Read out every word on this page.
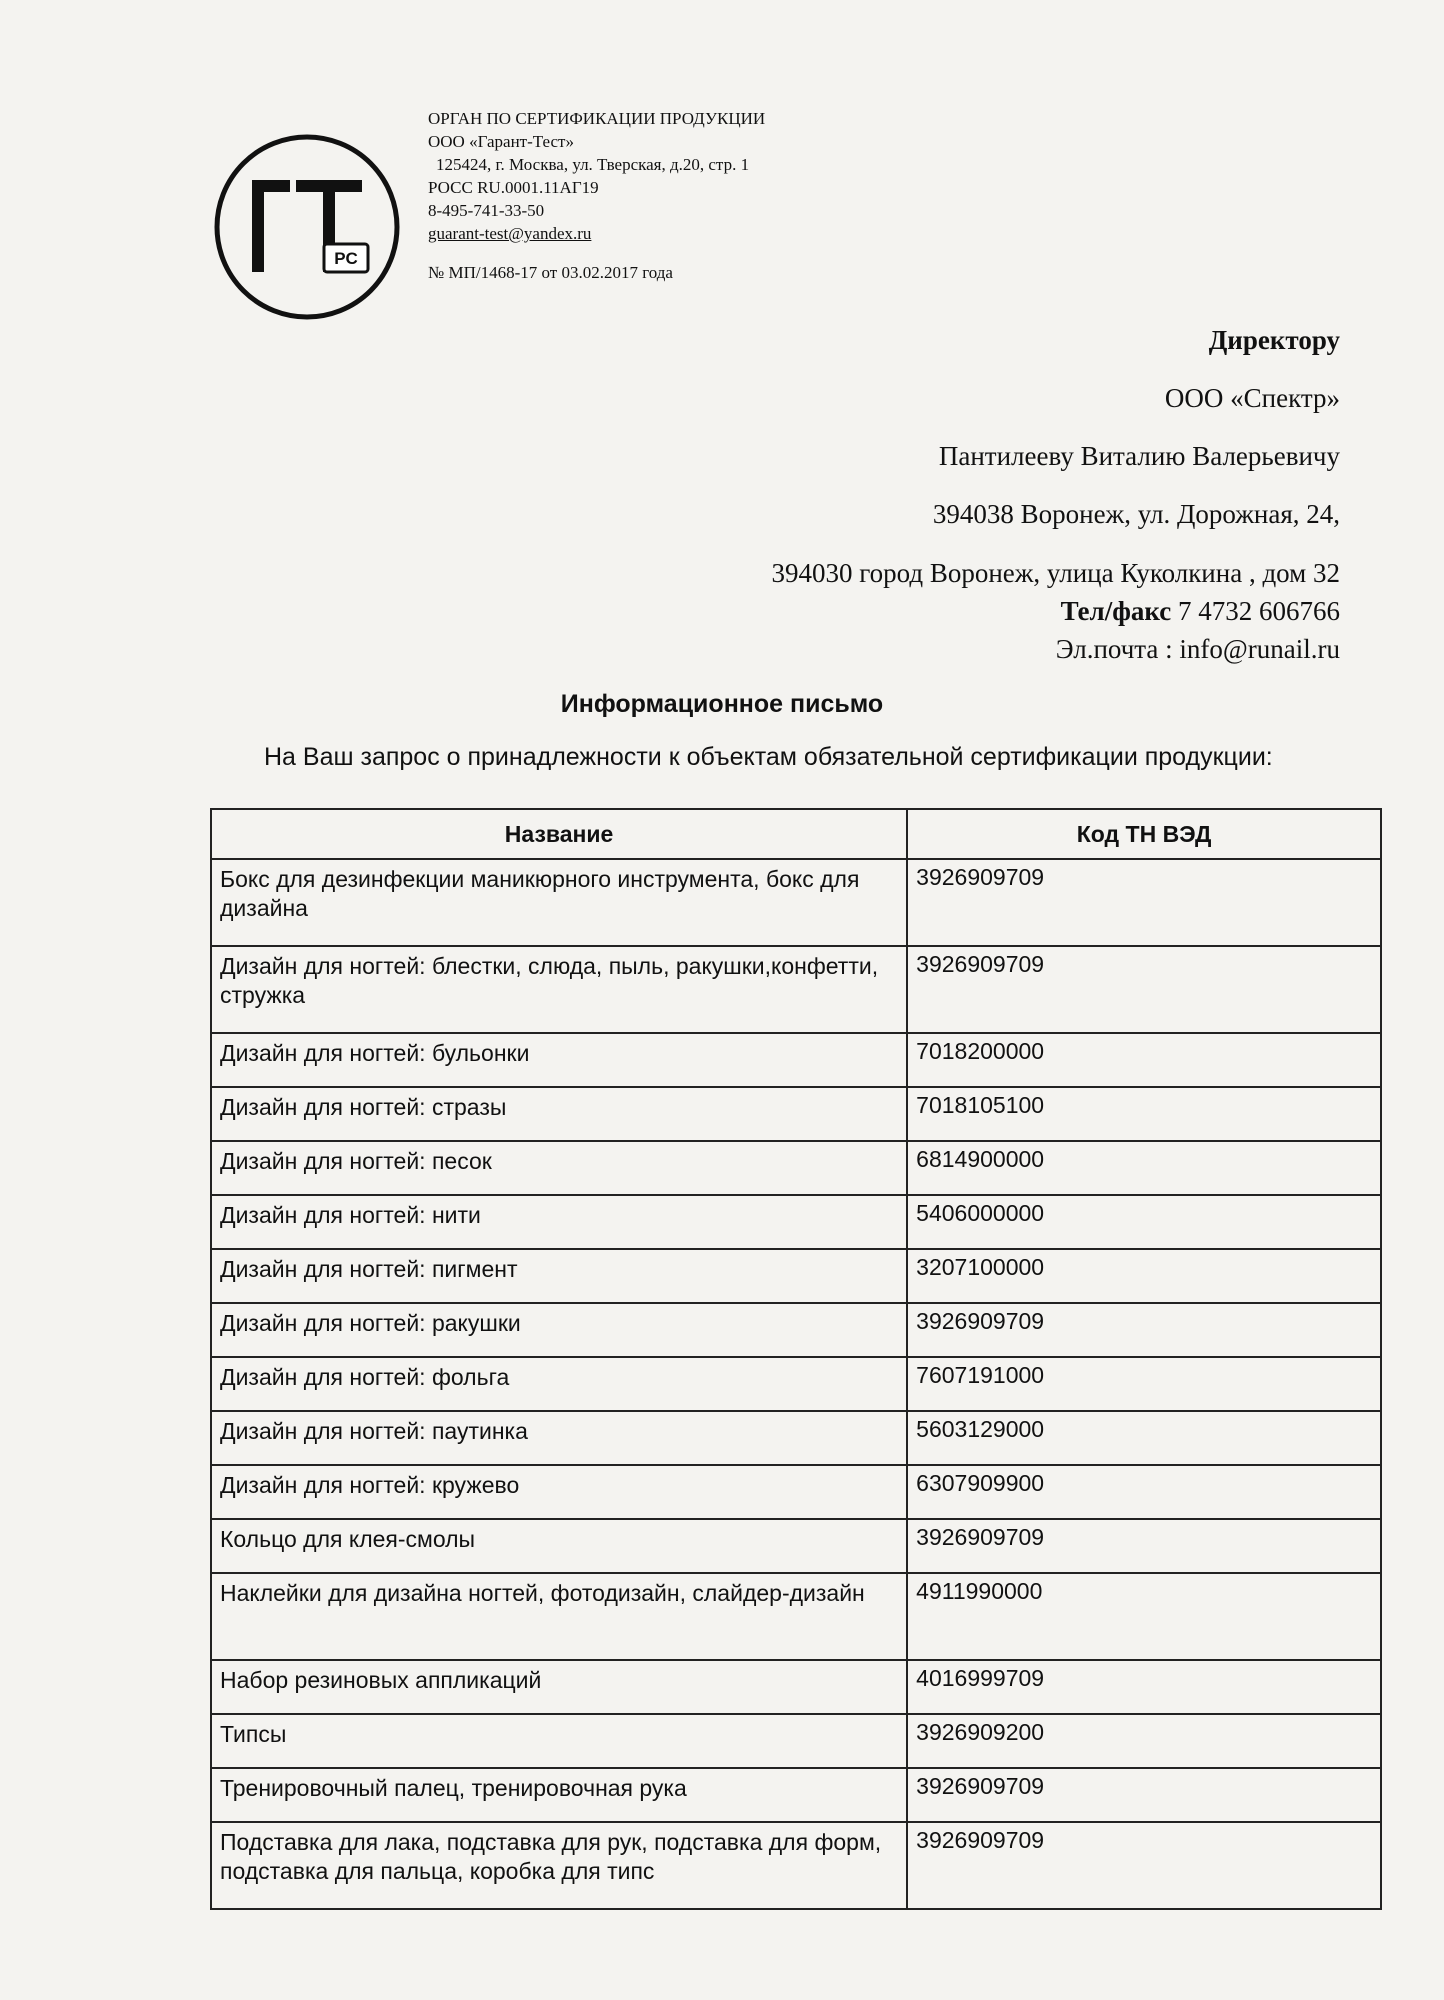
PC
ОРГАН ПО СЕРТИФИКАЦИИ ПРОДУКЦИИ
ООО «Гарант-Тест»
125424, г. Москва, ул. Тверская, д.20, стр. 1
РОСС RU.0001.11АГ19
8-495-741-33-50
guarant-test@yandex.ru
№ МП/1468-17 от 03.02.2017 года
Директору
ООО «Спектр»
Пантилееву Виталию Валерьевичу
394038 Воронеж, ул. Дорожная, 24,
394030 город Воронеж, улица Куколкина , дом 32
Тел/факс 7 4732 606766
Эл.почта : info@runail.ru
Информационное письмо
На Ваш запрос о принадлежности к объектам обязательной сертификации продукции:
Название	Код ТН ВЭД
Бокс для дезинфекции маникюрного инструмента, бокс для дизайна	3926909709
Дизайн для ногтей: блестки, слюда, пыль, ракушки,конфетти, стружка	3926909709
Дизайн для ногтей: бульонки	7018200000
Дизайн для ногтей: стразы	7018105100
Дизайн для ногтей: песок	6814900000
Дизайн для ногтей: нити	5406000000
Дизайн для ногтей: пигмент	3207100000
Дизайн для ногтей: ракушки	3926909709
Дизайн для ногтей: фольга	7607191000
Дизайн для ногтей: паутинка	5603129000
Дизайн для ногтей: кружево	6307909900
Кольцо для клея-смолы	3926909709
Наклейки для дизайна ногтей, фотодизайн, слайдер-дизайн	4911990000
Набор резиновых аппликаций	4016999709
Типсы	3926909200
Тренировочный палец, тренировочная рука	3926909709
Подставка для лака, подставка для рук, подставка для форм, подставка для пальца, коробка для типс	3926909709
